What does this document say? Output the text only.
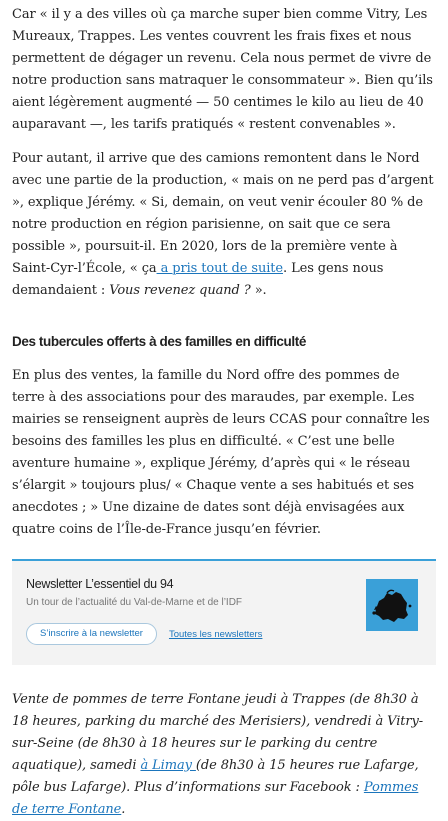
Car « il y a des villes où ça marche super bien comme Vitry, Les Mureaux, Trappes. Les ventes couvrent les frais fixes et nous permettent de dégager un revenu. Cela nous permet de vivre de notre production sans matraquer le consommateur ». Bien qu’ils aient légèrement augmenté — 50 centimes le kilo au lieu de 40 auparavant —, les tarifs pratiqués « restent convenables ».

Pour autant, il arrive que des camions remontent dans le Nord avec une partie de la production, « mais on ne perd pas d’argent », explique Jérémy. « Si, demain, on veut venir écouler 80 % de notre production en région parisienne, on sait que ce sera possible », poursuit-il. En 2020, lors de la première vente à Saint-Cyr-l’École, « ça a pris tout de suite. Les gens nous demandaient : Vous revenez quand ? ».

Des tubercules offerts à des familles en difficulté

En plus des ventes, la famille du Nord offre des pommes de terre à des associations pour des maraudes, par exemple. Les mairies se renseignent auprès de leurs CCAS pour connaître les besoins des familles les plus en difficulté. « C’est une belle aventure humaine », explique Jérémy, d’après qui « le réseau s’élargit » toujours plus/ « Chaque vente a ses habitués et ses anecdotes ; » Une dizaine de dates sont déjà envisagées aux quatre coins de l’Île-de-France jusqu’en février.

Newsletter L’essentiel du 94

Un tour de l’actualité du Val-de-Marne et de l’IDF

S’inscrire à la newsletter	Toutes les newsletters

Vente de pommes de terre Fontane jeudi à Trappes (de 8h30 à 18 heures, parking du marché des Merisiers), vendredi à Vitry-sur-Seine (de 8h30 à 18 heures sur le parking du centre aquatique), samedi à Limay (de 8h30 à 15 heures rue Lafarge, pôle bus Lafarge). Plus d’informations sur Facebook : Pommes de terre Fontane.
